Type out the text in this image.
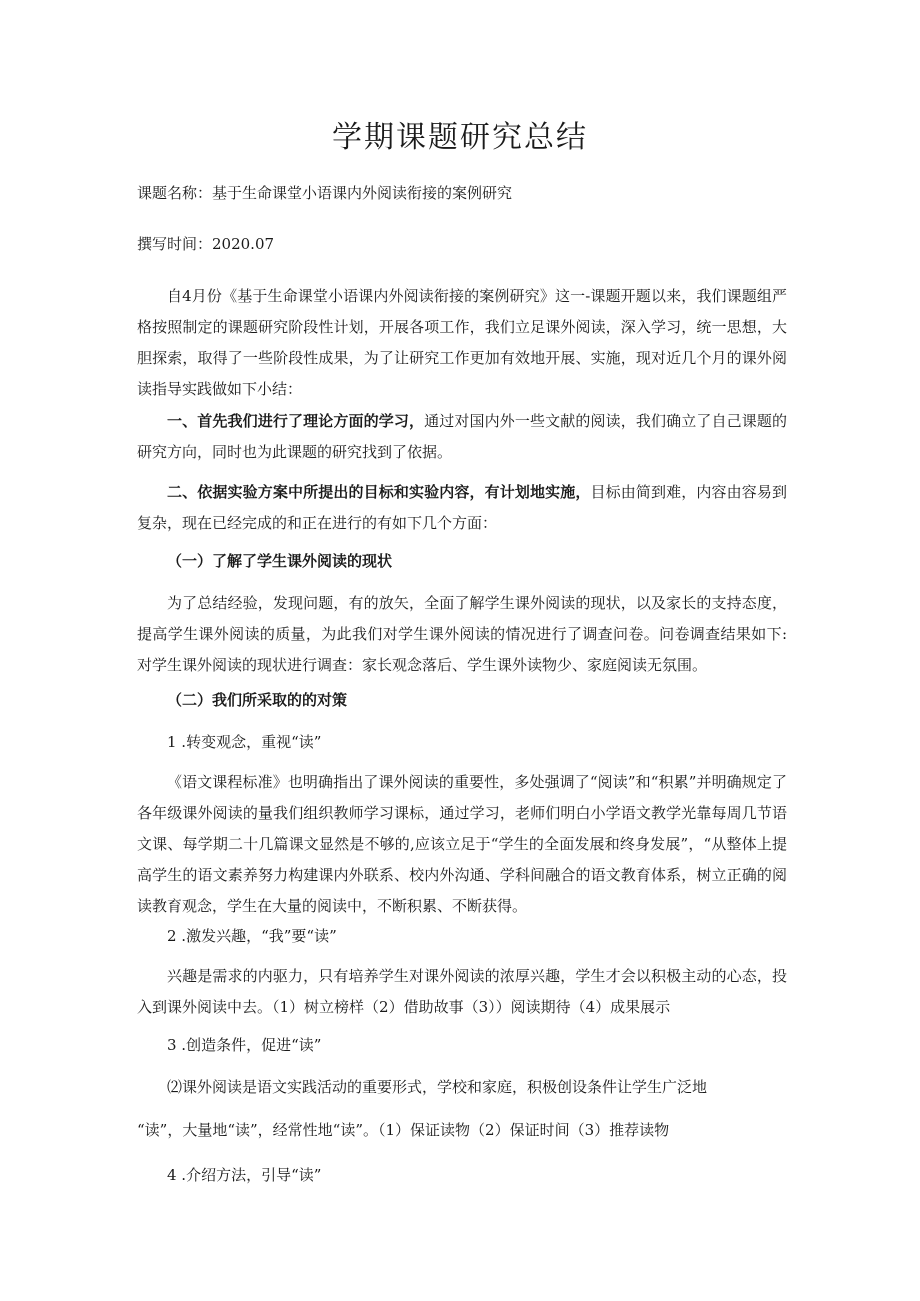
学期课题研究总结
课题名称：基于生命课堂小语课内外阅读衔接的案例研究
撰写时间：2020.07
自4月份《基于生命课堂小语课内外阅读衔接的案例研究》这一-课题开题以来，我们课题组严格按照制定的课题研究阶段性计划，开展各项工作，我们立足课外阅读，深入学习，统一思想，大胆探索，取得了一些阶段性成果，为了让研究工作更加有效地开展、实施，现对近几个月的课外阅读指导实践做如下小结：
一、首先我们进行了理论方面的学习，通过对国内外一些文献的阅读，我们确立了自己课题的研究方向，同时也为此课题的研究找到了依据。
二、依据实验方案中所提出的目标和实验内容，有计划地实施，目标由简到难，内容由容易到复杂，现在已经完成的和正在进行的有如下几个方面：
（一）了解了学生课外阅读的现状
为了总结经验，发现问题，有的放矢，全面了解学生课外阅读的现状，以及家长的支持态度，提高学生课外阅读的质量，为此我们对学生课外阅读的情况进行了调查问卷。问卷调查结果如下:对学生课外阅读的现状进行调查：家长观念落后、学生课外读物少、家庭阅读无氛围。
（二）我们所采取的的对策
1 .转变观念，重视“读”
《语文课程标准》也明确指出了课外阅读的重要性，多处强调了“阅读”和“积累”并明确规定了各年级课外阅读的量我们组织教师学习课标，通过学习，老师们明白小学语文教学光靠每周几节语文课、每学期二十几篇课文显然是不够的,应该立足于“学生的全面发展和终身发展”，“从整体上提高学生的语文素养努力构建课内外联系、校内外沟通、学科间融合的语文教育体系，树立正确的阅读教育观念，学生在大量的阅读中，不断积累、不断获得。
2 .激发兴趣，“我”要“读”
兴趣是需求的内驱力，只有培养学生对课外阅读的浓厚兴趣，学生才会以积极主动的心态，投入到课外阅读中去。（1）树立榜样（2）借助故事（3））阅读期待（4）成果展示
3 .创造条件，促进“读”
⑵课外阅读是语文实践活动的重要形式，学校和家庭，积极创设条件让学生广泛地
“读”，大量地“读”，经常性地“读”。（1）保证读物（2）保证时间（3）推荐读物
4 .介绍方法，引导“读”
